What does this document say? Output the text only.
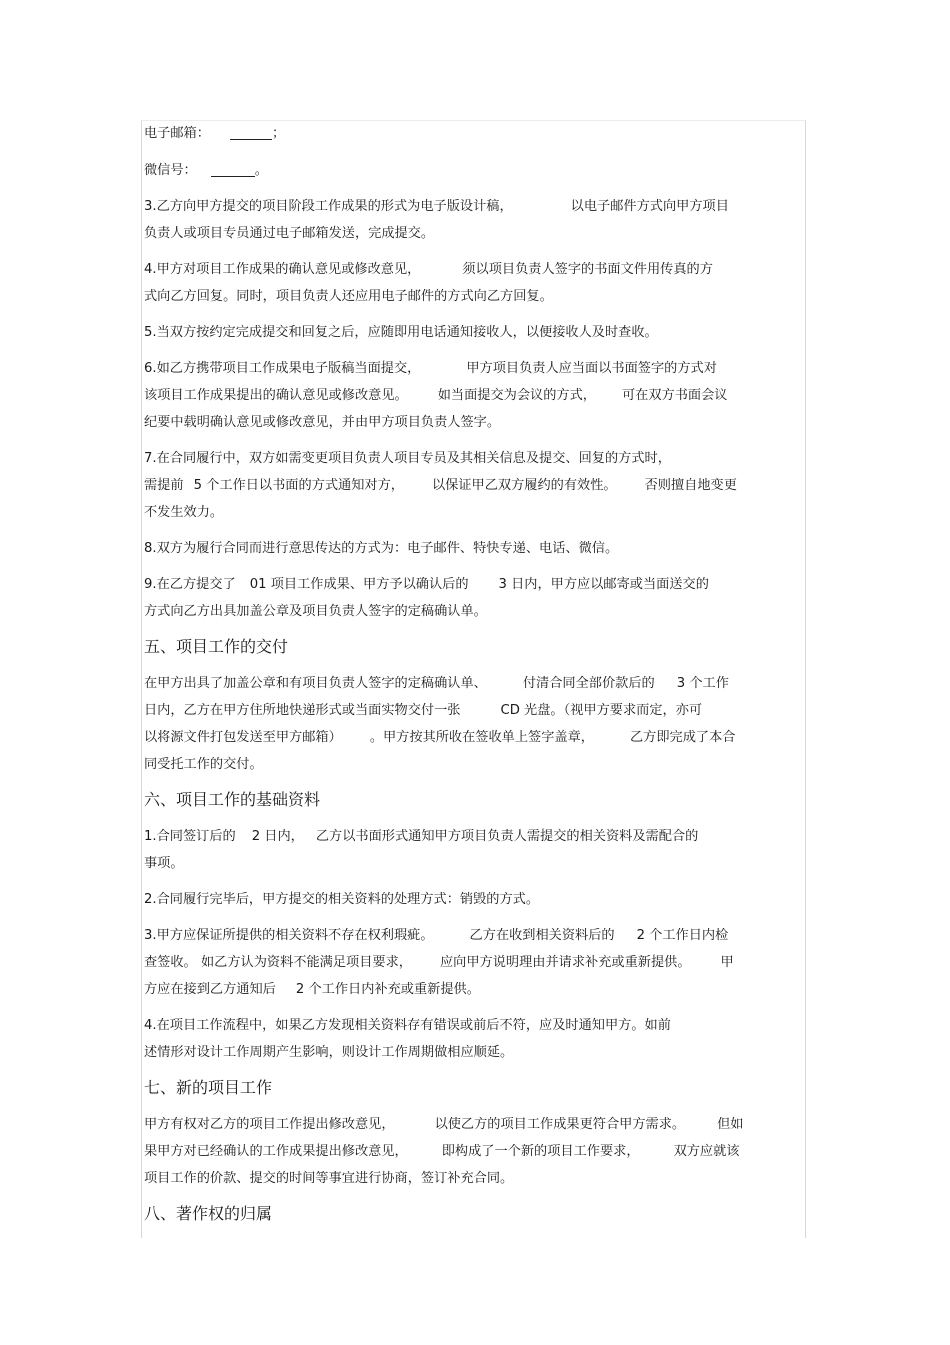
电子邮箱：	；
微信号：	。
3.乙方向甲方提交的项目阶段工作成果的形式为电子版设计稿，	以电子邮件方式向甲方项目
负责人或项目专员通过电子邮箱发送，完成提交。
4.甲方对项目工作成果的确认意见或修改意见，	须以项目负责人签字的书面文件用传真的方
式向乙方回复。同时，项目负责人还应用电子邮件的方式向乙方回复。
5.当双方按约定完成提交和回复之后，应随即用电话通知接收人，以便接收人及时查收。
6.如乙方携带项目工作成果电子版稿当面提交，	甲方项目负责人应当面以书面签字的方式对
该项目工作成果提出的确认意见或修改意见。 如当面提交为会议的方式， 可在双方书面会议
纪要中载明确认意见或修改意见，并由甲方项目负责人签字。
7.在合同履行中，双方如需变更项目负责人项目专员及其相关信息及提交、回复的方式时，
需提前 5 个工作日以书面的方式通知对方， 以保证甲乙双方履约的有效性。 否则擅自地变更
不发生效力。
8.双方为履行合同而进行意思传达的方式为：电子邮件、特快专递、电话、微信。
9.在乙方提交了 01 项目工作成果、甲方予以确认后的 3 日内，甲方应以邮寄或当面送交的
方式向乙方出具加盖公章及项目负责人签字的定稿确认单。
五、项目工作的交付
在甲方出具了加盖公章和有项目负责人签字的定稿确认单、	付清合同全部价款后的 3 个工作
日内，乙方在甲方住所地快递形式或当面实物交付一张	CD 光盘。（视甲方要求而定，亦可
以将源文件打包发送至甲方邮箱） 。甲方按其所收在签收单上签字盖章，	乙方即完成了本合
同受托工作的交付。
六、项目工作的基础资料
1.合同签订后的 2 日内， 乙方以书面形式通知甲方项目负责人需提交的相关资料及需配合的
事项。
2.合同履行完毕后，甲方提交的相关资料的处理方式：销毁的方式。
3.甲方应保证所提供的相关资料不存在权利瑕疵。	乙方在收到相关资料后的 2 个工作日内检
查签收。 如乙方认为资料不能满足项目要求， 应向甲方说明理由并请求补充或重新提供。 甲
方应在接到乙方通知后 2 个工作日内补充或重新提供。
4.在项目工作流程中，如果乙方发现相关资料存有错误或前后不符，应及时通知甲方。如前
述情形对设计工作周期产生影响，则设计工作周期做相应顺延。
七、新的项目工作
甲方有权对乙方的项目工作提出修改意见，	以使乙方的项目工作成果更符合甲方需求。 但如
果甲方对已经确认的工作成果提出修改意见，	即构成了一个新的项目工作要求，	双方应就该
项目工作的价款、提交的时间等事宜进行协商，签订补充合同。
八、著作权的归属
